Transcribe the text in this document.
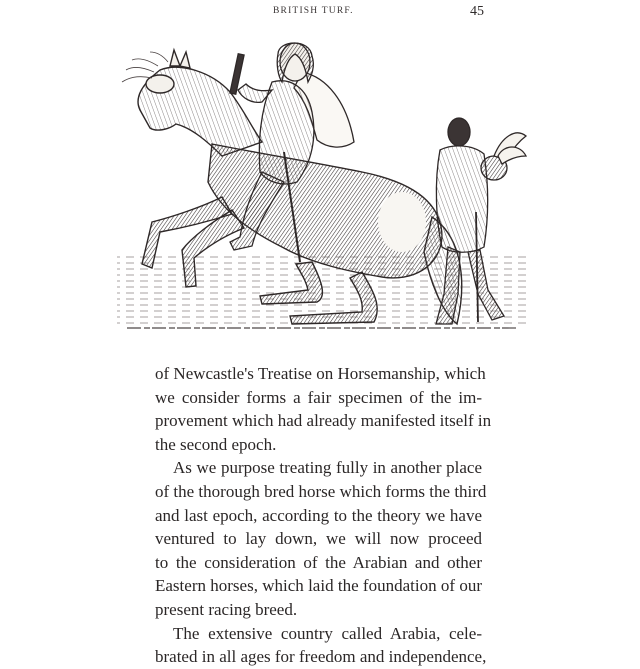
BRITISH TURF.	45
of Newcastle's Treatise on Horsemanship, which
we consider forms a fair specimen of the im-
provement which had already manifested itself in
the second epoch.
As we purpose treating fully in another place
of the thorough bred horse which forms the third
and last epoch, according to the theory we have
ventured to lay down, we will now proceed
to the consideration of the Arabian and other
Eastern horses, which laid the foundation of our
present racing breed.
The extensive country called Arabia, cele-
brated in all ages for freedom and independence,
